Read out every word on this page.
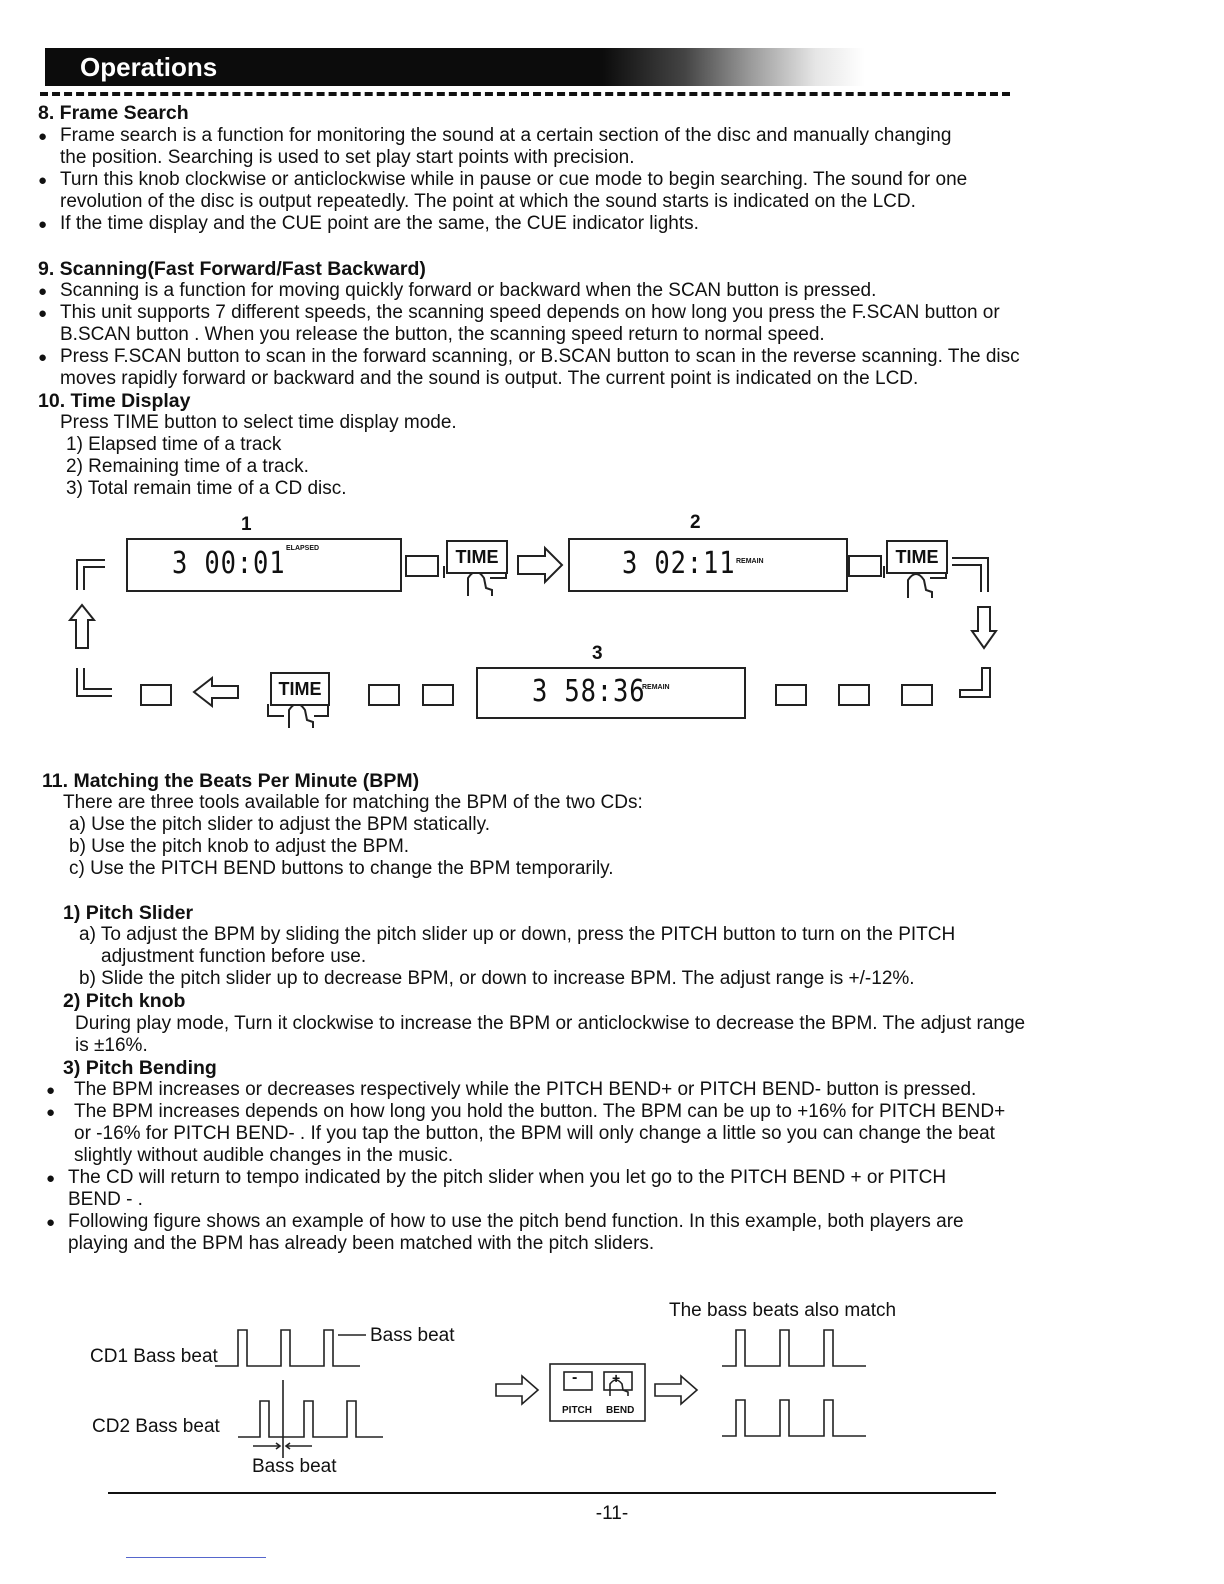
Operations
8. Frame Search
● Frame search is a function for monitoring the sound at a certain section of the disc and manually changing
the position. Searching is used to set play start points with precision.
● Turn this knob clockwise or anticlockwise while in pause or cue mode to begin searching. The sound for one
revolution of the disc is output repeatedly. The point at which the sound starts is indicated on the LCD.
● If the time display and the CUE point are the same, the CUE indicator lights.
9. Scanning(Fast Forward/Fast Backward)
● Scanning is a function for moving quickly forward or backward when the SCAN button is pressed.
● This unit supports 7 different speeds, the scanning speed depends on how long you press the F.SCAN button or
B.SCAN button . When you release the button, the scanning speed return to normal speed.
● Press F.SCAN button to scan in the forward scanning, or B.SCAN button to scan in the reverse scanning. The disc
moves rapidly forward or backward and the sound is output. The current point is indicated on the LCD.
10. Time Display
Press TIME button to select time display mode.
1) Elapsed time of a track
2) Remaining time of a track.
3) Total remain time of a CD disc.
1	2
3
3 00:01 ELAPSED	3 02:11 REMAIN
3 58:36
REMAIN
TIME	TIME
TIME
11. Matching the Beats Per Minute (BPM)
There are three tools available for matching the BPM of the two CDs:
a) Use the pitch slider to adjust the BPM statically.
b) Use the pitch knob to adjust the BPM.
c) Use the PITCH BEND buttons to change the BPM temporarily.
1) Pitch Slider
a) To adjust the BPM by sliding the pitch slider up or down, press the PITCH button to turn on the PITCH
adjustment function before use.
b) Slide the pitch slider up to decrease BPM, or down to increase BPM. The adjust range is +/-12%.
2) Pitch knob
During play mode, Turn it clockwise to increase the BPM or anticlockwise to decrease the BPM. The adjust range
is ±16%.
3) Pitch Bending
● The BPM increases or decreases respectively while the PITCH BEND+ or PITCH BEND- button is pressed.
● The BPM increases depends on how long you hold the button. The BPM can be up to +16% for PITCH BEND+
or -16% for PITCH BEND- . If you tap the button, the BPM will only change a little so you can change the beat
slightly without audible changes in the music.
● The CD will return to tempo indicated by the pitch slider when you let go to the PITCH BEND + or PITCH
BEND - .
● Following figure shows an example of how to use the pitch bend function. In this example, both players are
playing and the BPM has already been matched with the pitch sliders.
CD1 Bass beat
CD2 Bass beat
Bass beat
Bass beat
The bass beats also match
- +
PITCH BEND
-11-
